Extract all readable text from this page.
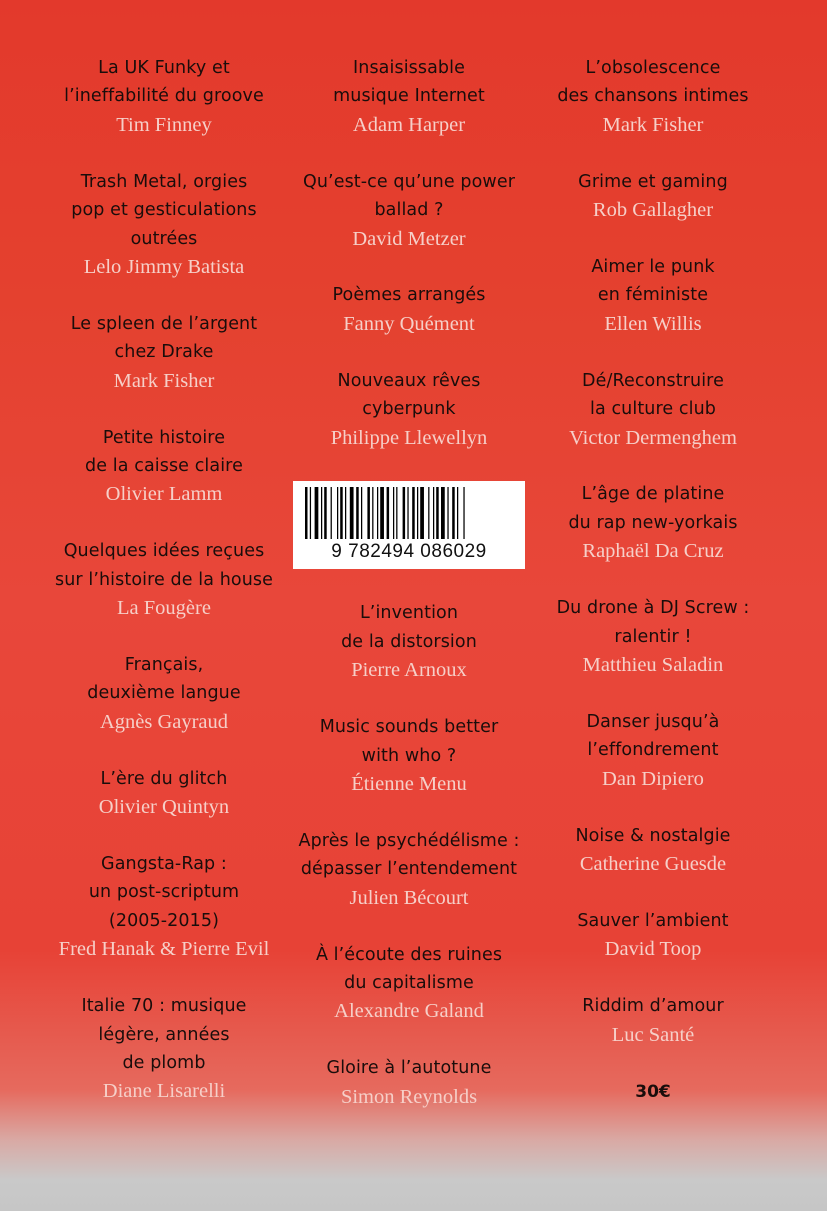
La UK Funky et
l’ineffabilité du groove
Tim Finney
Trash Metal, orgies
pop et gesticulations
outrées
Lelo Jimmy Batista
Le spleen de l’argent
chez Drake
Mark Fisher
Petite histoire
de la caisse claire
Olivier Lamm
Quelques idées reçues
sur l’histoire de la house
La Fougère
Français,
deuxième langue
Agnès Gayraud
L’ère du glitch
Olivier Quintyn
Gangsta-Rap :
un post-scriptum
(2005-2015)
Fred Hanak & Pierre Evil
Italie 70 : musique
légère, années
de plomb
Diane Lisarelli
Insaisissable
musique Internet
Adam Harper
Qu’est-ce qu’une power
ballad ?
David Metzer
Poèmes arrangés
Fanny Quément
Nouveaux rêves
cyberpunk
Philippe Llewellyn
9 782494 086029
L’invention
de la distorsion
Pierre Arnoux
Music sounds better
with who ?
Étienne Menu
Après le psychédélisme :
dépasser l’entendement
Julien Bécourt
À l’écoute des ruines
du capitalisme
Alexandre Galand
Gloire à l’autotune
Simon Reynolds
L’obsolescence
des chansons intimes
Mark Fisher
Grime et gaming
Rob Gallagher
Aimer le punk
en féministe
Ellen Willis
Dé/Reconstruire
la culture club
Victor Dermenghem
L’âge de platine
du rap new-yorkais
Raphaël Da Cruz
Du drone à DJ Screw :
ralentir !
Matthieu Saladin
Danser jusqu’à
l’effondrement
Dan Dipiero
Noise & nostalgie
Catherine Guesde
Sauver l’ambient
David Toop
Riddim d’amour
Luc Santé
30€
